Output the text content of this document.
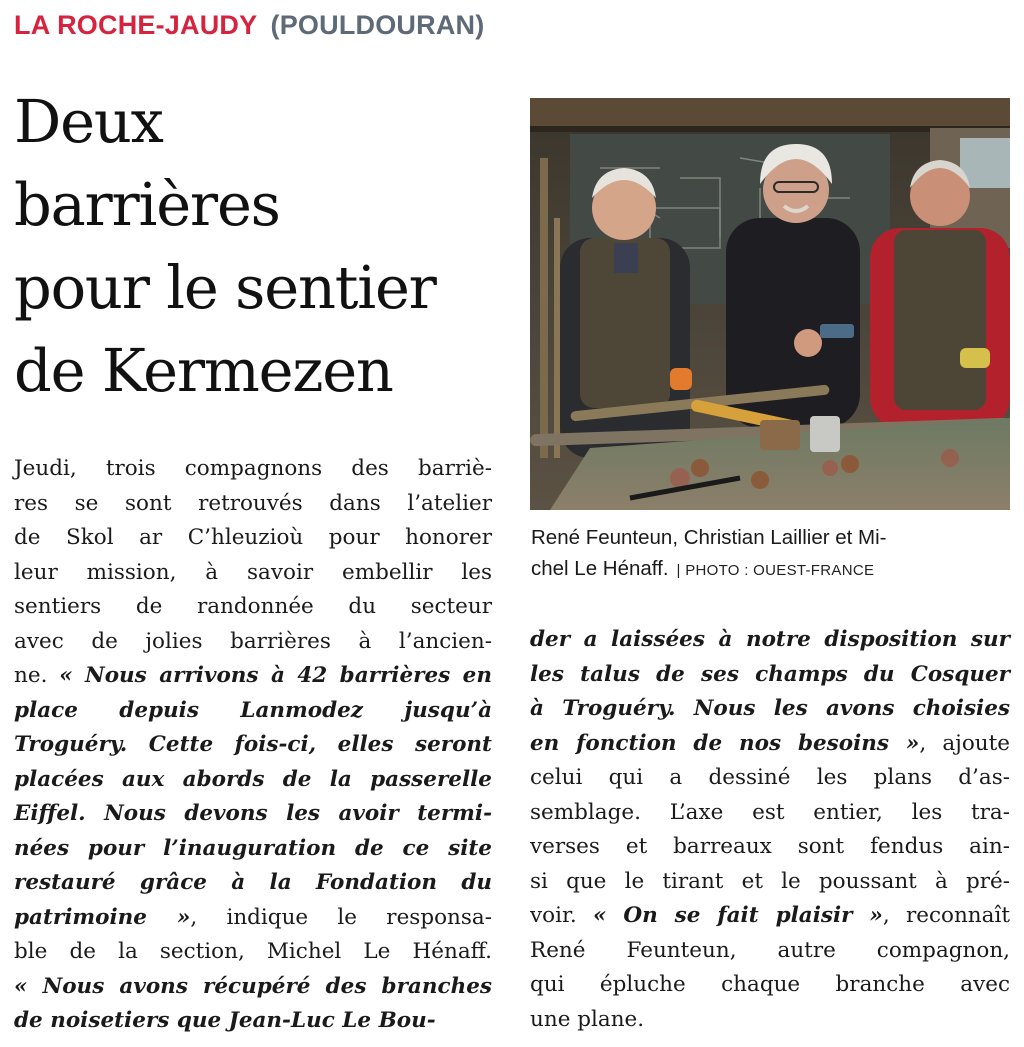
LA ROCHE-JAUDY (POULDOURAN)
Deux
barrières
pour le sentier
de Kermezen
René Feunteun, Christian Laillier et Mi-
chel Le Hénaff. | PHOTO : OUEST-FRANCE
Jeudi, trois compagnons des barriè-
res se sont retrouvés dans l’atelier
de Skol ar C’hleuzioù pour honorer
leur mission, à savoir embellir les
sentiers de randonnée du secteur
avec de jolies barrières à l’ancien-
ne. « Nous arrivons à 42 barrières en
place depuis Lanmodez jusqu’à
Troguéry. Cette fois-ci, elles seront
placées aux abords de la passerelle
Eiffel. Nous devons les avoir termi-
nées pour l’inauguration de ce site
restauré grâce à la Fondation du
patrimoine », indique le responsa-
ble de la section, Michel Le Hénaff.
« Nous avons récupéré des branches
de noisetiers que Jean-Luc Le Bou-
der a laissées à notre disposition sur
les talus de ses champs du Cosquer
à Troguéry. Nous les avons choisies
en fonction de nos besoins », ajoute
celui qui a dessiné les plans d’as-
semblage. L’axe est entier, les tra-
verses et barreaux sont fendus ain-
si que le tirant et le poussant à pré-
voir. « On se fait plaisir », reconnaît
René Feunteun, autre compagnon,
qui épluche chaque branche avec
une plane.
